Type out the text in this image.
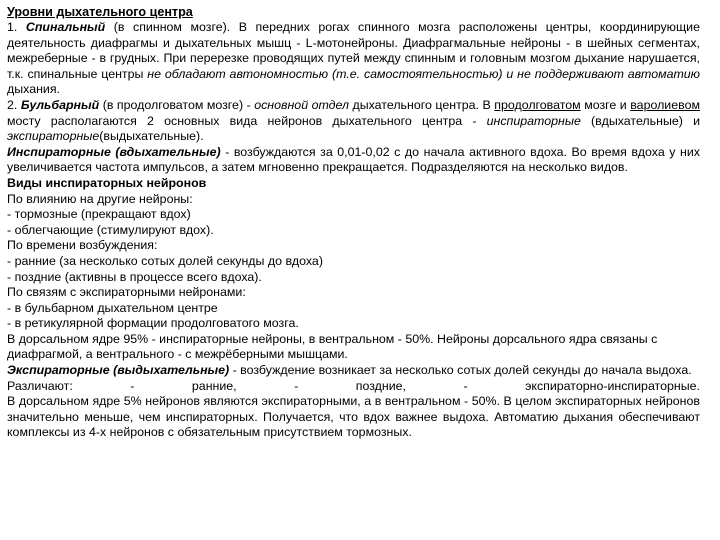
Уровни дыхательного центра
1. Спинальный (в спинном мозге). В передних рогах спинного мозга расположены центры, координирующие деятельность диафрагмы и дыхательных мышц - L-мотонейроны. Диафрагмальные нейроны - в шейных сегментах, межреберные - в грудных. При перерезке проводящих путей между спинным и головным мозгом дыхание нарушается, т.к. спинальные центры не обладают автономностью (т.е. самостоятельностью) и не поддерживают автоматию дыхания.
2. Бульбарный (в продолговатом мозге) - основной отдел дыхательного центра. В продолговатом мозге и варолиевом мосту располагаются 2 основных вида нейронов дыхательного центра - инспираторные (вдыхательные) и экспираторные(выдыхательные).
Инспираторные (вдыхательные) - возбуждаются за 0,01-0,02 с до начала активного вдоха. Во время вдоха у них увеличивается частота импульсов, а затем мгновенно прекращается. Подразделяются на несколько видов.
Виды инспираторных нейронов
По влиянию на другие нейроны:
- тормозные (прекращают вдох)
- облегчающие (стимулируют вдох).
По времени возбуждения:
- ранние (за несколько сотых долей секунды до вдоха)
- поздние (активны в процессе всего вдоха).
По связям с экспираторными нейронами:
- в бульбарном дыхательном центре
- в ретикулярной формации продолговатого мозга.
В дорсальном ядре 95% - инспираторные нейроны, в вентральном - 50%. Нейроны дорсального ядра связаны с диафрагмой, а вентрального - с межрёберными мышцами.
Экспираторные (выдыхательные) - возбуждение возникает за несколько сотых долей секунды до начала выдоха.
Различают:	-	ранние,	-	поздние,	-	экспираторно-инспираторные.
В дорсальном ядре 5% нейронов являются экспираторными, а в вентральном - 50%. В целом экспираторных нейронов значительно меньше, чем инспираторных. Получается, что вдох важнее выдоха. Автоматию дыхания обеспечивают комплексы из 4-х нейронов с обязательным присутствием тормозных.
